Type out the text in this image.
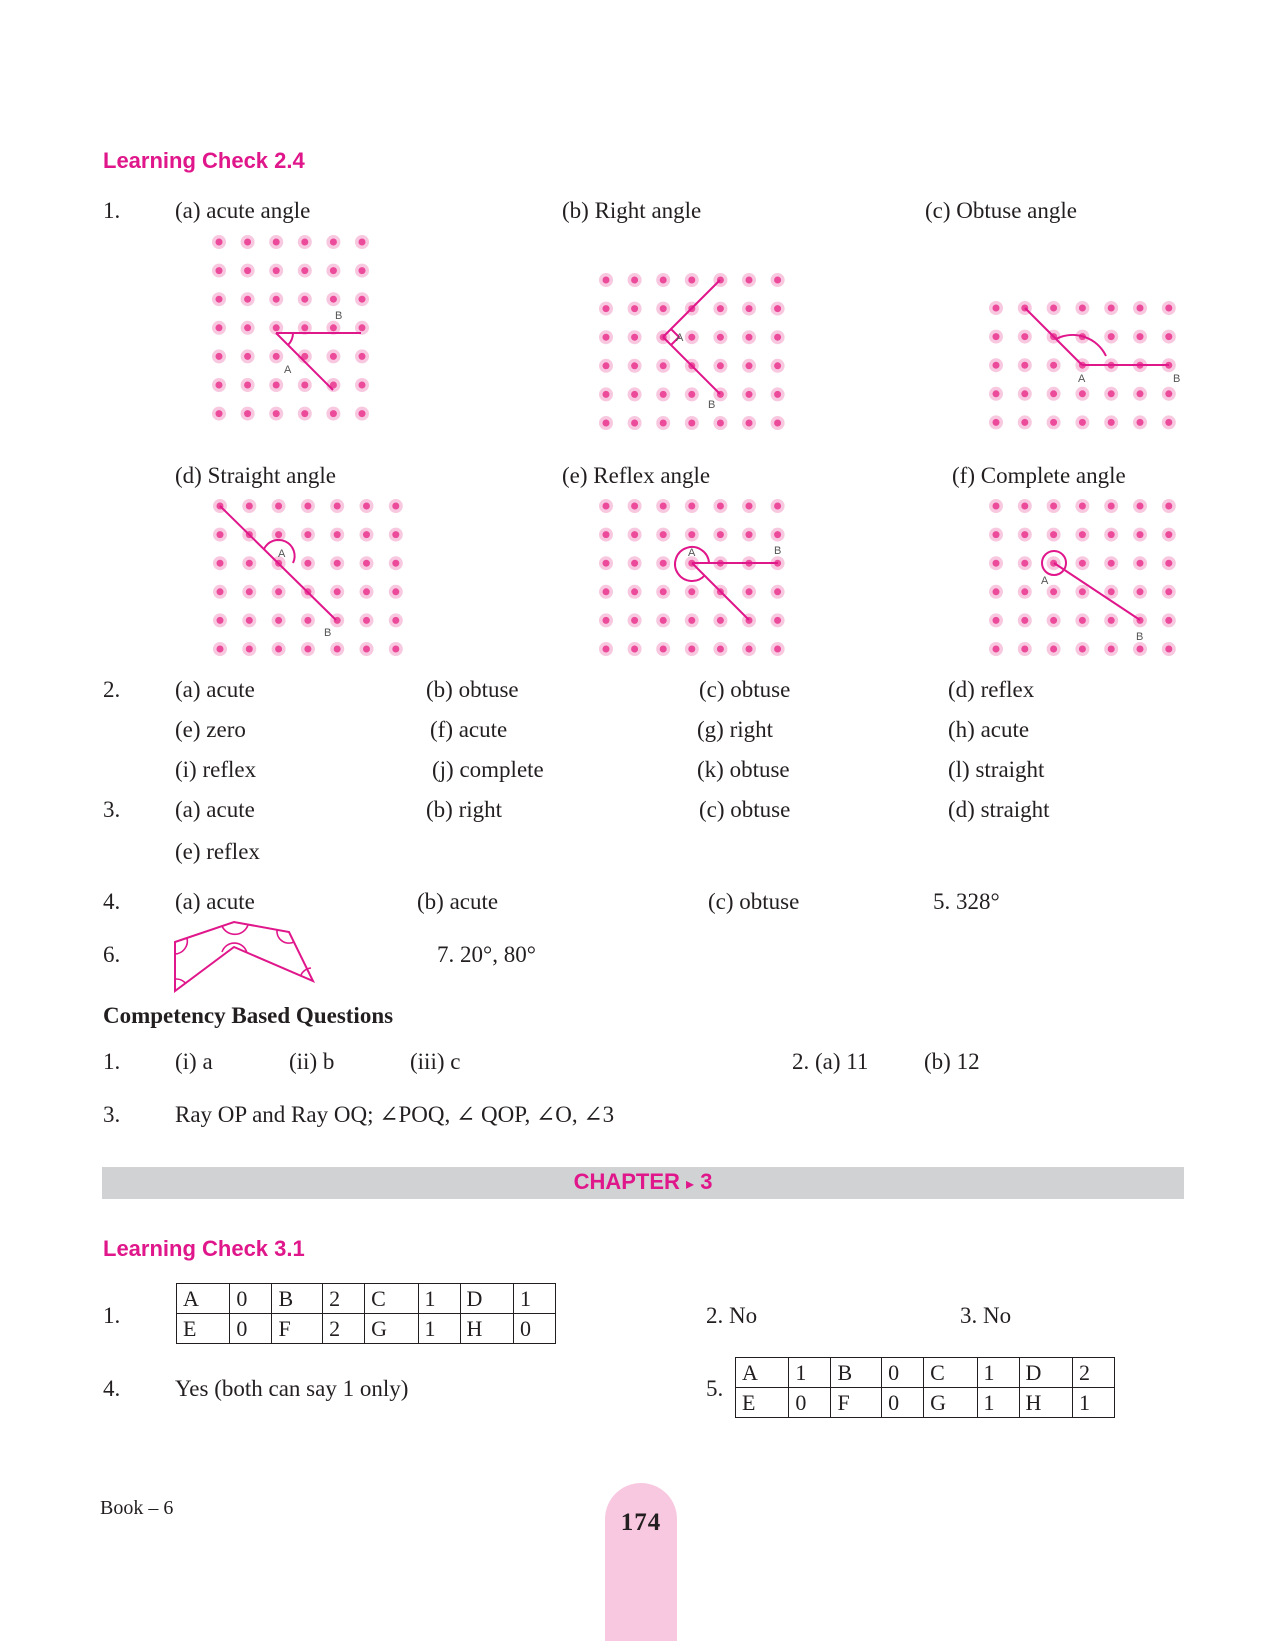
Learning Check 2.4
1. (a) acute angle	(b) Right angle	(c) Obtuse angle
B
A
A
B
A	B
(d) Straight angle	(e) Reflex angle	(f) Complete angle
A
B
A	B
A
B
2. (a) acute	(b) obtuse	(c) obtuse	(d) reflex
(e) zero	(f) acute	(g) right	(h) acute
(i) reflex	(j) complete	(k) obtuse	(l) straight
3. (a) acute	(b) right	(c) obtuse	(d) straight
(e) reflex
4. (a) acute	(b) acute	(c) obtuse	5. 328°
6.	7. 20°, 80°
Competency Based Questions
1. (i) a	(ii) b	(iii) c	2. (a) 11 (b) 12
3. Ray OP and Ray OQ; ∠POQ, ∠ QOP, ∠O, ∠3
CHAPTER ▸ 3
Learning Check 3.1
1.
A	0	B	2	C	1	D	1
E	0	F	2	G	1	H	0	2. No	3. No
4. Yes (both can say 1 only)	5.
A	1	B	0	C	1	D	2
E	0	F	0	G	1	H	1
Book – 6
174
